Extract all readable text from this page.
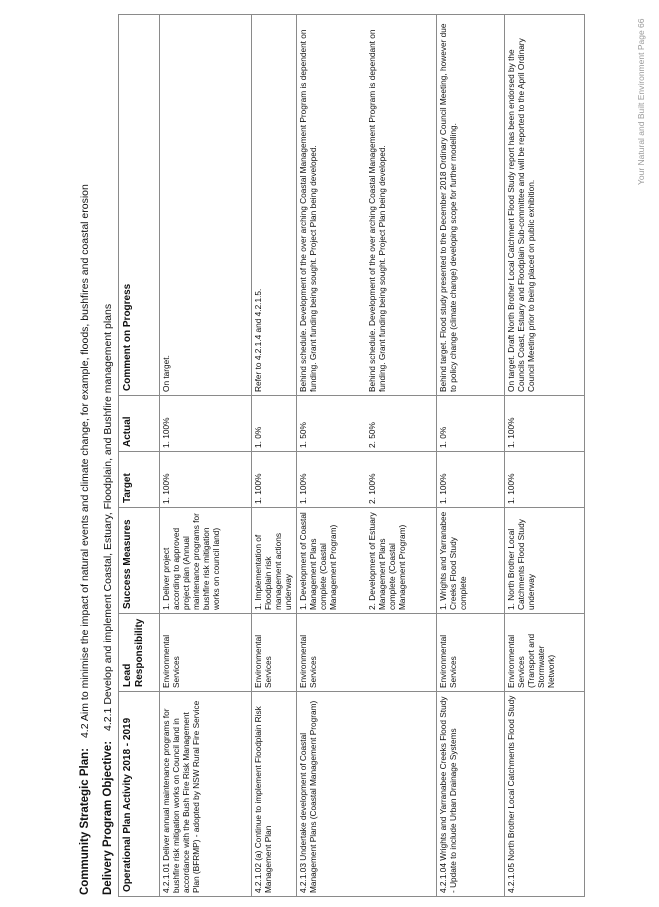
Community Strategic Plan:4.2 Aim to minimise the impact of natural events and climate change, for example, floods, bushfires and coastal erosion
Delivery Program Objective:4.2.1 Develop and implement Coastal, Estuary, Floodplain, and Bushfire management plans
Operational Plan Activity 2018 - 2019	Lead Responsibility	Success Measures	Target	Actual	Comment on Progress
4.2.1.01 Deliver annual maintenance programs for bushfire risk mitigation works on Council land in accordance with the Bush Fire Risk Management Plan (BFRMP) - adopted by NSW Rural Fire Service	Environmental Services	1. Deliver project according to approved project plan (Annual maintenance programs for bushfire risk mitigation works on council land)	1. 100%	1. 100%	On target.

4.2.1.02 (a) Continue to implement Floodplain Risk Management Plan	Environmental Services	1. Implementation of Floodplain risk management actions underway	1. 100%	1. 0%	Refer to 4.2.1.4 and 4.2.1.5.

4.2.1.03 Undertake development of Coastal Management Plans (Coastal Management Program)	Environmental Services	1. Development of Coastal Management Plans complete (Coastal Management Program) 2. Development of Estuary Management Plans complete (Coastal Management Program)	1. 100% 2. 100%	1. 50% 2. 50%	Behind schedule. Development of the over arching Coastal Management Program is dependent on funding. Grant funding being sought. Project Plan being developed. Behind schedule. Development of the over arching Coastal Management Program is dependant on funding. Grant funding being sought. Project Plan being developed.

4.2.1.04 Wrights and Yarranabee Creeks Flood Study - Update to include Urban Drainage Systems	Environmental Services	1. Wrights and Yarranabee Creeks Flood Study complete	1. 100%	1. 0%	Behind target. Flood study presented to the December 2018 Ordinary Council Meeting, however due to policy change (climate change) developing scope for further modelling.

4.2.1.05 North Brother Local Catchments Flood Study	Environmental Services (Transport and Stormwater Network)	1. North Brother Local Catchments Flood Study underway	1. 100%	1. 100%	On target. Draft North Brother Local Catchment Flood Study report has been endorsed by the Councils Coast, Estuary and Floodplain Sub-committee and will be reported to the April Ordinary Council Meeting prior to being placed on public exhibition.
Your Natural and Built Environment Page 66
